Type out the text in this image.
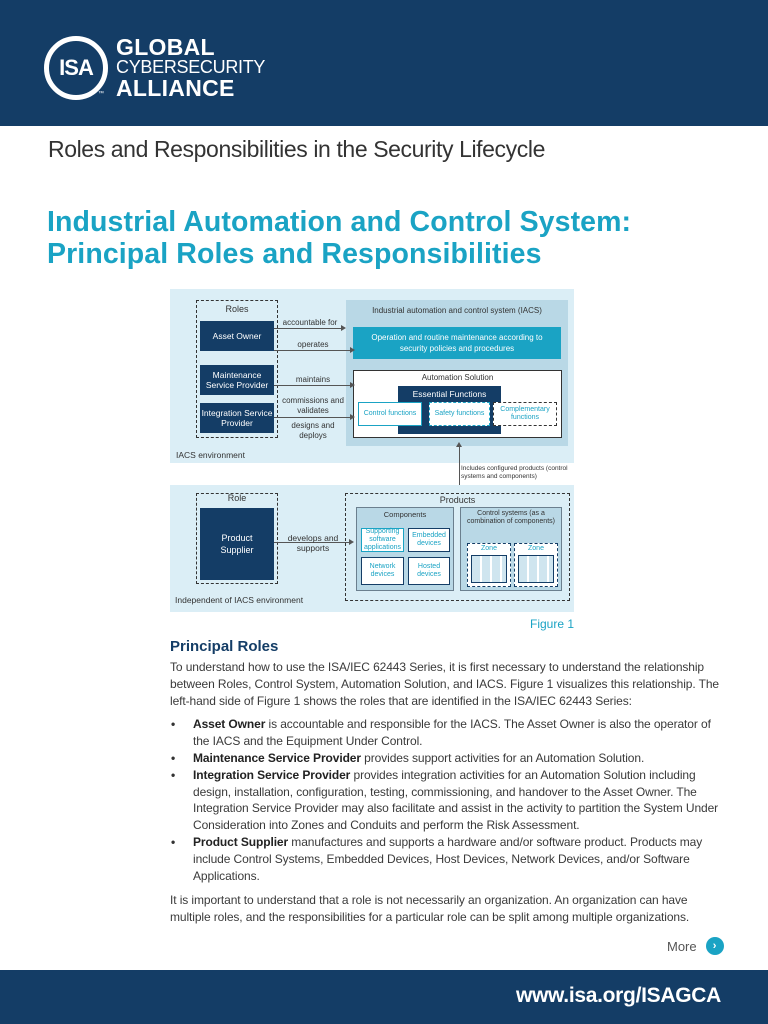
ISA
™
GLOBAL
CYBERSECURITY
ALLIANCE
Roles and Responsibilities in the Security Lifecycle
Industrial Automation and Control System:
Principal Roles and Responsibilities
Roles
Asset Owner
Maintenance Service Provider
Integration Service Provider
Industrial automation and control system (IACS)
Operation and routine maintenance according to security policies and procedures
Automation Solution
Essential Functions
Control functions	Safety functions
Complementary functions
accountable for
operates
maintains
commissions and validates
designs and deploys
IACS environment
Includes configured products (control systems and components)
Role
Product Supplier
develops and supports
Products
Components
Supporting software applications
Embedded devices
Network devices
Hosted devices
Control systems (as a combination of components)
Zone	Zone
Independent of IACS environment
Figure 1
Principal Roles
To understand how to use the ISA/IEC 62443 Series, it is first necessary to understand the relationship between Roles, Control System, Automation Solution, and IACS. Figure 1 visualizes this relationship. The left-hand side of Figure 1 shows the roles that are identified in the ISA/IEC 62443 Series:
• Asset Owner is accountable and responsible for the IACS. The Asset Owner is also the operator of the IACS and the Equipment Under Control.
• Maintenance Service Provider provides support activities for an Automation Solution.
• Integration Service Provider provides integration activities for an Automation Solution including design, installation, configuration, testing, commissioning, and handover to the Asset Owner. The Integration Service Provider may also facilitate and assist in the activity to partition the System Under Consideration into Zones and Conduits and perform the Risk Assessment.
• Product Supplier manufactures and supports a hardware and/or software product. Products may include Control Systems, Embedded Devices, Host Devices, Network Devices, and/or Software Applications.
It is important to understand that a role is not necessarily an organization. An organization can have multiple roles, and the responsibilities for a particular role can be split among multiple organizations.
More	›
www.isa.org/ISAGCA
